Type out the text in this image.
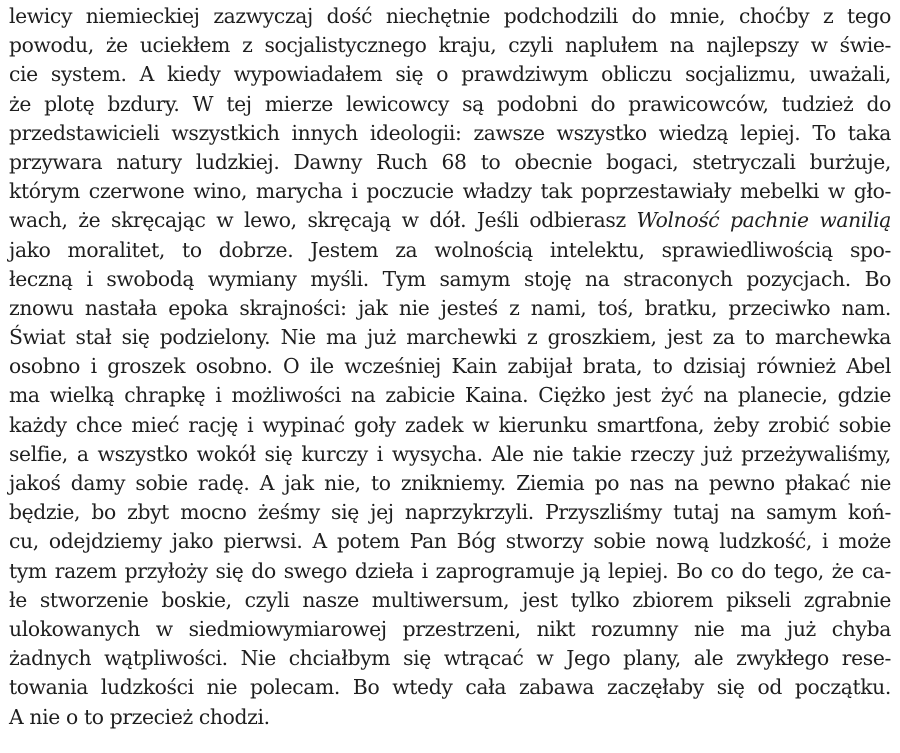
lewicy niemieckiej zazwyczaj dość niechętnie podchodzili do mnie, choćby z tego
powodu, że uciekłem z socjalistycznego kraju, czyli naplułem na najlepszy w świe-
cie system. A kiedy wypowiadałem się o prawdziwym obliczu socjalizmu, uważali,
że plotę bzdury. W tej mierze lewicowcy są podobni do prawicowców, tudzież do
przedstawicieli wszystkich innych ideologii: zawsze wszystko wiedzą lepiej. To taka
przywara natury ludzkiej. Dawny Ruch 68 to obecnie bogaci, stetryczali burżuje,
którym czerwone wino, marycha i poczucie władzy tak poprzestawiały mebelki w gło-
wach, że skręcając w lewo, skręcają w dół. Jeśli odbierasz Wolność pachnie wanilią
jako moralitet, to dobrze. Jestem za wolnością intelektu, sprawiedliwością spo-
łeczną i swobodą wymiany myśli. Tym samym stoję na straconych pozycjach. Bo
znowu nastała epoka skrajności: jak nie jesteś z nami, toś, bratku, przeciwko nam.
Świat stał się podzielony. Nie ma już marchewki z groszkiem, jest za to marchewka
osobno i groszek osobno. O ile wcześniej Kain zabijał brata, to dzisiaj również Abel
ma wielką chrapkę i możliwości na zabicie Kaina. Ciężko jest żyć na planecie, gdzie
każdy chce mieć rację i wypinać goły zadek w kierunku smartfona, żeby zrobić sobie
selfie, a wszystko wokół się kurczy i wysycha. Ale nie takie rzeczy już przeżywaliśmy,
jakoś damy sobie radę. A jak nie, to znikniemy. Ziemia po nas na pewno płakać nie
będzie, bo zbyt mocno żeśmy się jej naprzykrzyli. Przyszliśmy tutaj na samym koń-
cu, odejdziemy jako pierwsi. A potem Pan Bóg stworzy sobie nową ludzkość, i może
tym razem przyłoży się do swego dzieła i zaprogramuje ją lepiej. Bo co do tego, że ca-
łe stworzenie boskie, czyli nasze multiwersum, jest tylko zbiorem pikseli zgrabnie
ulokowanych w siedmiowymiarowej przestrzeni, nikt rozumny nie ma już chyba
żadnych wątpliwości. Nie chciałbym się wtrącać w Jego plany, ale zwykłego rese-
towania ludzkości nie polecam. Bo wtedy cała zabawa zaczęłaby się od początku.
A nie o to przecież chodzi.
